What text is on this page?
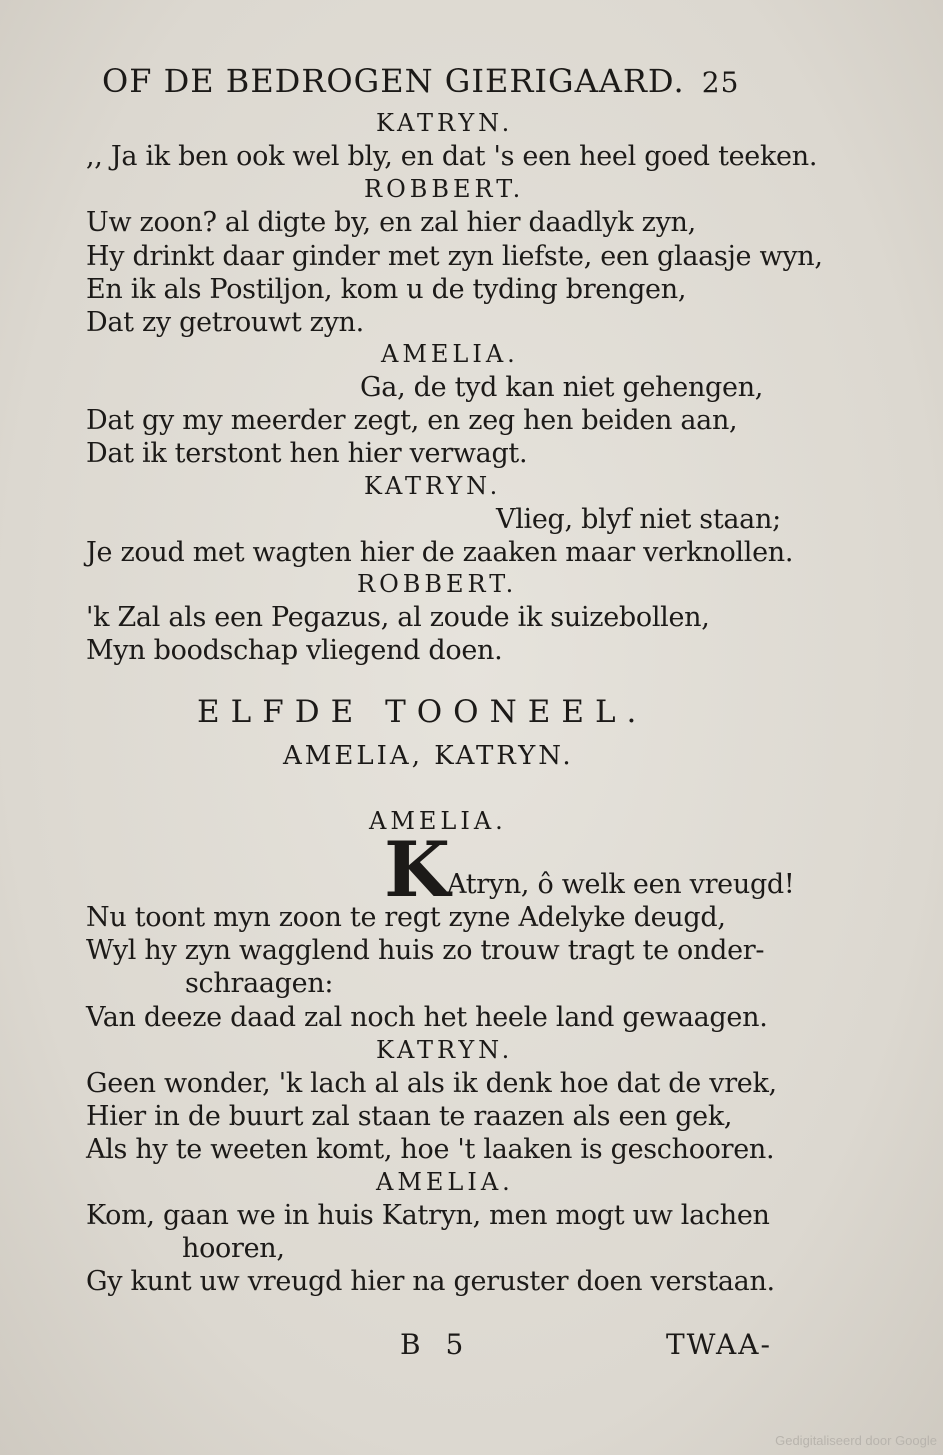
OF DE BEDROGEN GIERIGAARD. 25
KATRYN.
,, Ja ik ben ook wel bly, en dat 's een heel goed teeken.
ROBBERT.
Uw zoon? al digte by, en zal hier daadlyk zyn,
Hy drinkt daar ginder met zyn liefste, een glaasje wyn,
En ik als Postiljon, kom u de tyding brengen,
Dat zy getrouwt zyn.
AMELIA.
Ga, de tyd kan niet gehengen,
Dat gy my meerder zegt, en zeg hen beiden aan,
Dat ik terstont hen hier verwagt.
KATRYN.
Vlieg, blyf niet staan;
Je zoud met wagten hier de zaaken maar verknollen.
ROBBERT.
'k Zal als een Pegazus, al zoude ik suizebollen,
Myn boodschap vliegend doen.
ELFDE TOONEEL.
AMELIA, KATRYN.
AMELIA.
K
Atryn, ô welk een vreugd!
Nu toont myn zoon te regt zyne Adelyke deugd,
Wyl hy zyn wagglend huis zo trouw tragt te onder-
schraagen:
Van deeze daad zal noch het heele land gewaagen.
KATRYN.
Geen wonder, 'k lach al als ik denk hoe dat de vrek,
Hier in de buurt zal staan te raazen als een gek,
Als hy te weeten komt, hoe 't laaken is geschooren.
AMELIA.
Kom, gaan we in huis Katryn, men mogt uw lachen
hooren,
Gy kunt uw vreugd hier na geruster doen verstaan.
B 5	TWAA-
Gedigitaliseerd door Google
